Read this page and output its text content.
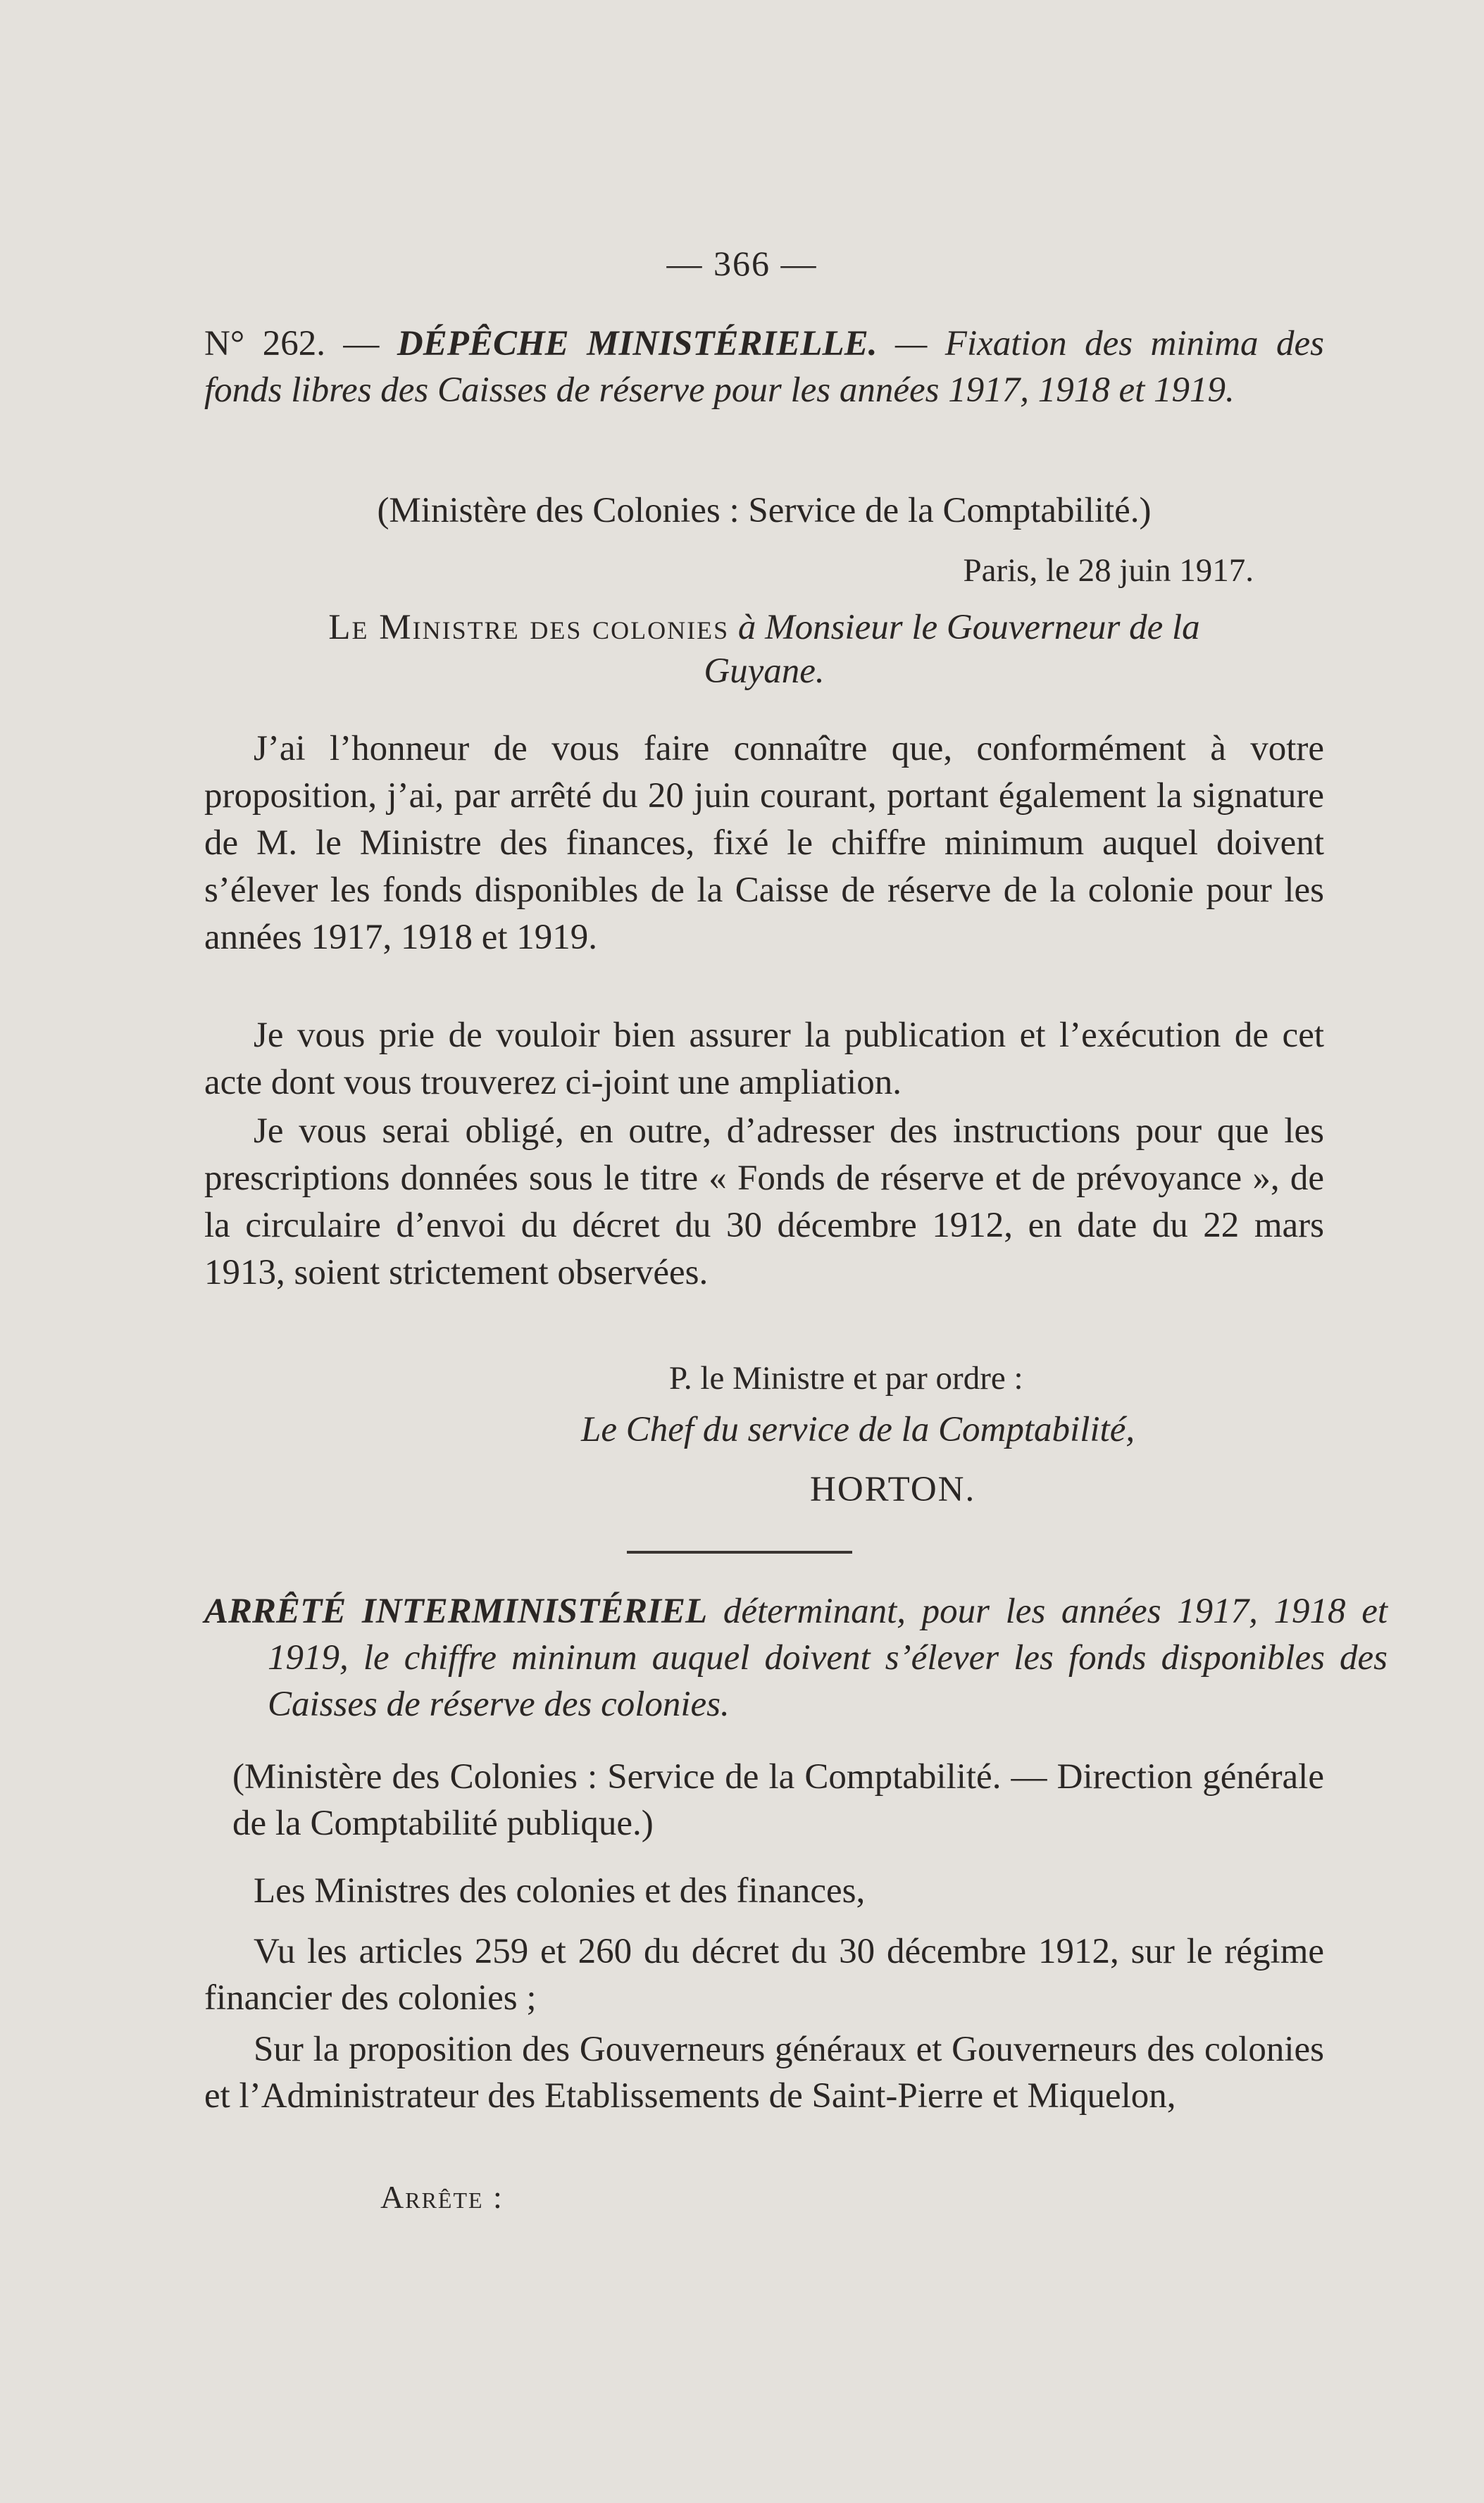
— 366 —
N° 262. — DÉPÊCHE MINISTÉRIELLE. — Fixation des minima des fonds libres des Caisses de réserve pour les années 1917, 1918 et 1919.
(Ministère des Colonies : Service de la Comptabilité.)
Paris, le 28 juin 1917.
Le Ministre des colonies à Monsieur le Gouverneur de la Guyane.
J’ai l’honneur de vous faire connaître que, conformément à votre proposition, j’ai, par arrêté du 20 juin courant, portant également la signature de M. le Ministre des finances, fixé le chiffre minimum auquel doivent s’élever les fonds disponibles de la Caisse de réserve de la colonie pour les années 1917, 1918 et 1919.
Je vous prie de vouloir bien assurer la publication et l’exécution de cet acte dont vous trouverez ci-joint une ampliation.
Je vous serai obligé, en outre, d’adresser des instructions pour que les prescriptions données sous le titre « Fonds de réserve et de prévoyance », de la circulaire d’envoi du décret du 30 décembre 1912, en date du 22 mars 1913, soient strictement observées.
P. le Ministre et par ordre :
Le Chef du service de la Comptabilité,
HORTON.
ARRÊTÉ INTERMINISTÉRIEL déterminant, pour les années 1917, 1918 et 1919, le chiffre mininum auquel doivent s’élever les fonds disponibles des Caisses de réserve des colonies.
(Ministère des Colonies : Service de la Comptabilité. — Direction générale de la Comptabilité publique.)
Les Ministres des colonies et des finances,
Vu les articles 259 et 260 du décret du 30 décembre 1912, sur le régime financier des colonies ;
Sur la proposition des Gouverneurs généraux et Gouverneurs des colonies et l’Administrateur des Etablissements de Saint-Pierre et Miquelon,
Arrête :
